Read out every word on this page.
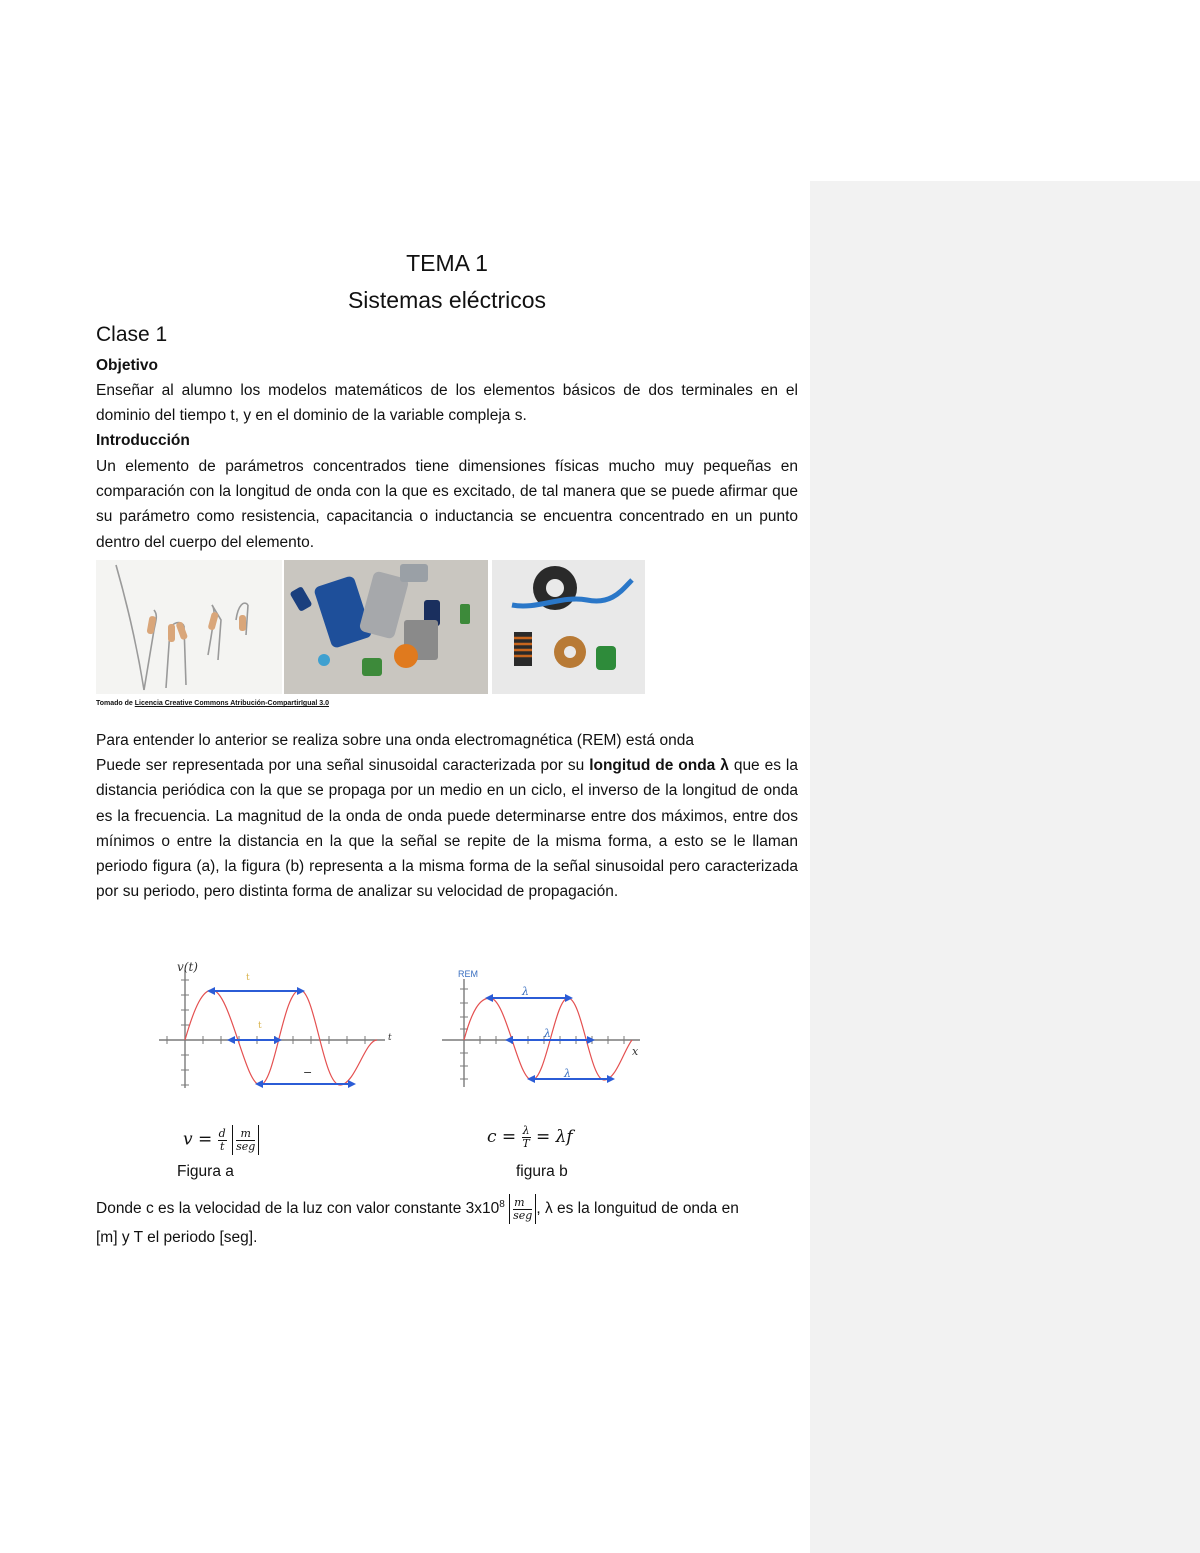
TEMA 1
Sistemas eléctricos
Clase 1
Objetivo
Enseñar al alumno los modelos matemáticos de los elementos básicos de dos terminales en el dominio del tiempo t, y en el dominio de la variable compleja s.
Introducción
Un elemento de parámetros concentrados tiene dimensiones físicas mucho muy pequeñas en comparación con la longitud de onda con la que es excitado, de tal manera que se puede afirmar que su parámetro como resistencia, capacitancia o inductancia se encuentra concentrado en un punto dentro del cuerpo del elemento.
Tomado de Licencia Creative Commons Atribución-CompartirIgual 3.0
Para entender lo anterior se realiza sobre una onda electromagnética (REM) está onda
Puede ser representada por una señal sinusoidal caracterizada por su longitud de onda λ que es la distancia periódica con la que se propaga por un medio en un ciclo, el inverso de la longitud de onda es la frecuencia. La magnitud de la onda de onda puede determinarse entre dos máximos, entre dos mínimos o entre la distancia en la que la señal se repite de la misma forma, a esto se le llaman periodo figura (a), la figura (b) representa a la misma forma de la señal sinusoidal pero caracterizada por su periodo, pero distinta forma de analizar su velocidad de propagación.
v(t)
t
t
t
−
REM
x
λ
λ
λ
$v = \frac{d}{t}$
$\frac{m}{\text{seg}}$	$c = \frac{\lambda}{T} = \lambda f$
Figura a	figura b
Donde c es la velocidad de la luz con valor constante $3x10^8 \frac{m}{\text{seg}}$ , λ es la longuitud de onda en
[m] y T el periodo [seg].
